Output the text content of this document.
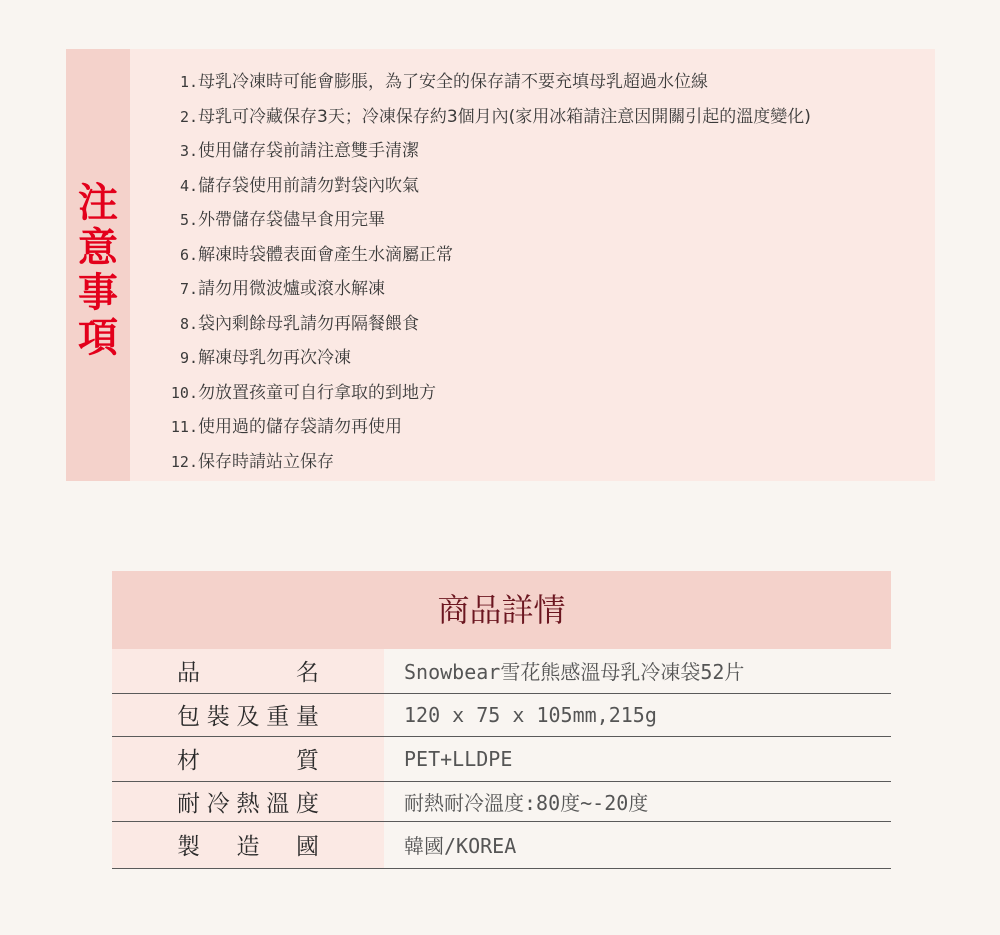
注意事項
1.母乳冷凍時可能會膨脹，為了安全的保存請不要充填母乳超過水位線
2.母乳可冷藏保存3天；冷凍保存約3個月內(家用冰箱請注意因開關引起的溫度變化)
3.使用儲存袋前請注意雙手清潔
4.儲存袋使用前請勿對袋內吹氣
5.外帶儲存袋儘早食用完畢
6.解凍時袋體表面會產生水滴屬正常
7.請勿用微波爐或滾水解凍
8.袋內剩餘母乳請勿再隔餐餵食
9.解凍母乳勿再次冷凍
10.勿放置孩童可自行拿取的到地方
11.使用過的儲存袋請勿再使用
12.保存時請站立保存
商品詳情
品名		Snowbear雪花熊感溫母乳冷凍袋52片
包裝及重量		120 x 75 x 105mm,215g
材質		PET+LLDPE
耐冷熱溫度		耐熱耐冷溫度:80度~-20度
製造國		韓國/KOREA
